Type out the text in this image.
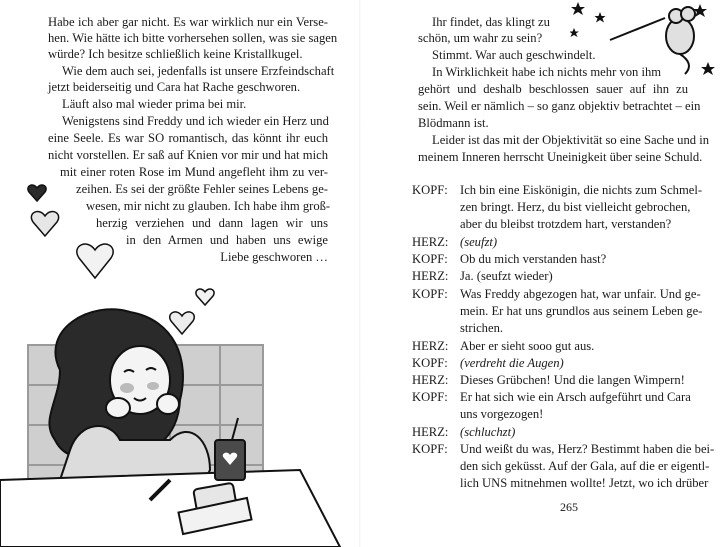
Habe ich aber gar nicht. Es war wirklich nur ein Verse-
hen. Wie hätte ich bitte vorhersehen sollen, was sie sagen
würde? Ich besitze schließlich keine Kristallkugel.
Wie dem auch sei, jedenfalls ist unsere Erzfeindschaft
jetzt beiderseitig und Cara hat Rache geschworen.
Läuft also mal wieder prima bei mir.
Wenigstens sind Freddy und ich wieder ein Herz und
eine Seele. Es war SO romantisch, das könnt ihr euch
nicht vorstellen. Er saß auf Knien vor mir und hat mich
mit einer roten Rose im Mund angefleht ihm zu ver-
zeihen. Es sei der größte Fehler seines Lebens ge-
wesen, mir nicht zu glauben. Ich habe ihm groß-
herzig verziehen und dann lagen wir uns
in den Armen und haben uns ewige
Liebe geschworen …
Ihr findet, das klingt zu
schön, um wahr zu sein?
Stimmt. War auch geschwindelt.
In Wirklichkeit habe ich nichts mehr von ihm
gehört und deshalb beschlossen sauer auf ihn zu
sein. Weil er nämlich – so ganz objektiv betrachtet – ein
Blödmann ist.
Leider ist das mit der Objektivität so eine Sache und in
meinem Inneren herrscht Uneinigkeit über seine Schuld.
KOPF: Ich bin eine Eiskönigin, die nichts zum Schmel-
zen bringt. Herz, du bist vielleicht gebrochen,
aber du bleibst trotzdem hart, verstanden?
HERZ: (seufzt)
KOPF: Ob du mich verstanden hast?
HERZ: Ja. (seufzt wieder)
KOPF: Was Freddy abgezogen hat, war unfair. Und ge-
mein. Er hat uns grundlos aus seinem Leben ge-
strichen.
HERZ: Aber er sieht sooo gut aus.
KOPF: (verdreht die Augen)
HERZ: Dieses Grübchen! Und die langen Wimpern!
KOPF: Er hat sich wie ein Arsch aufgeführt und Cara
uns vorgezogen!
HERZ: (schluchzt)
KOPF: Und weißt du was, Herz? Bestimmt haben die bei-
den sich geküsst. Auf der Gala, auf die er eigentl-
lich UNS mitnehmen wollte! Jetzt, wo ich drüber
265
